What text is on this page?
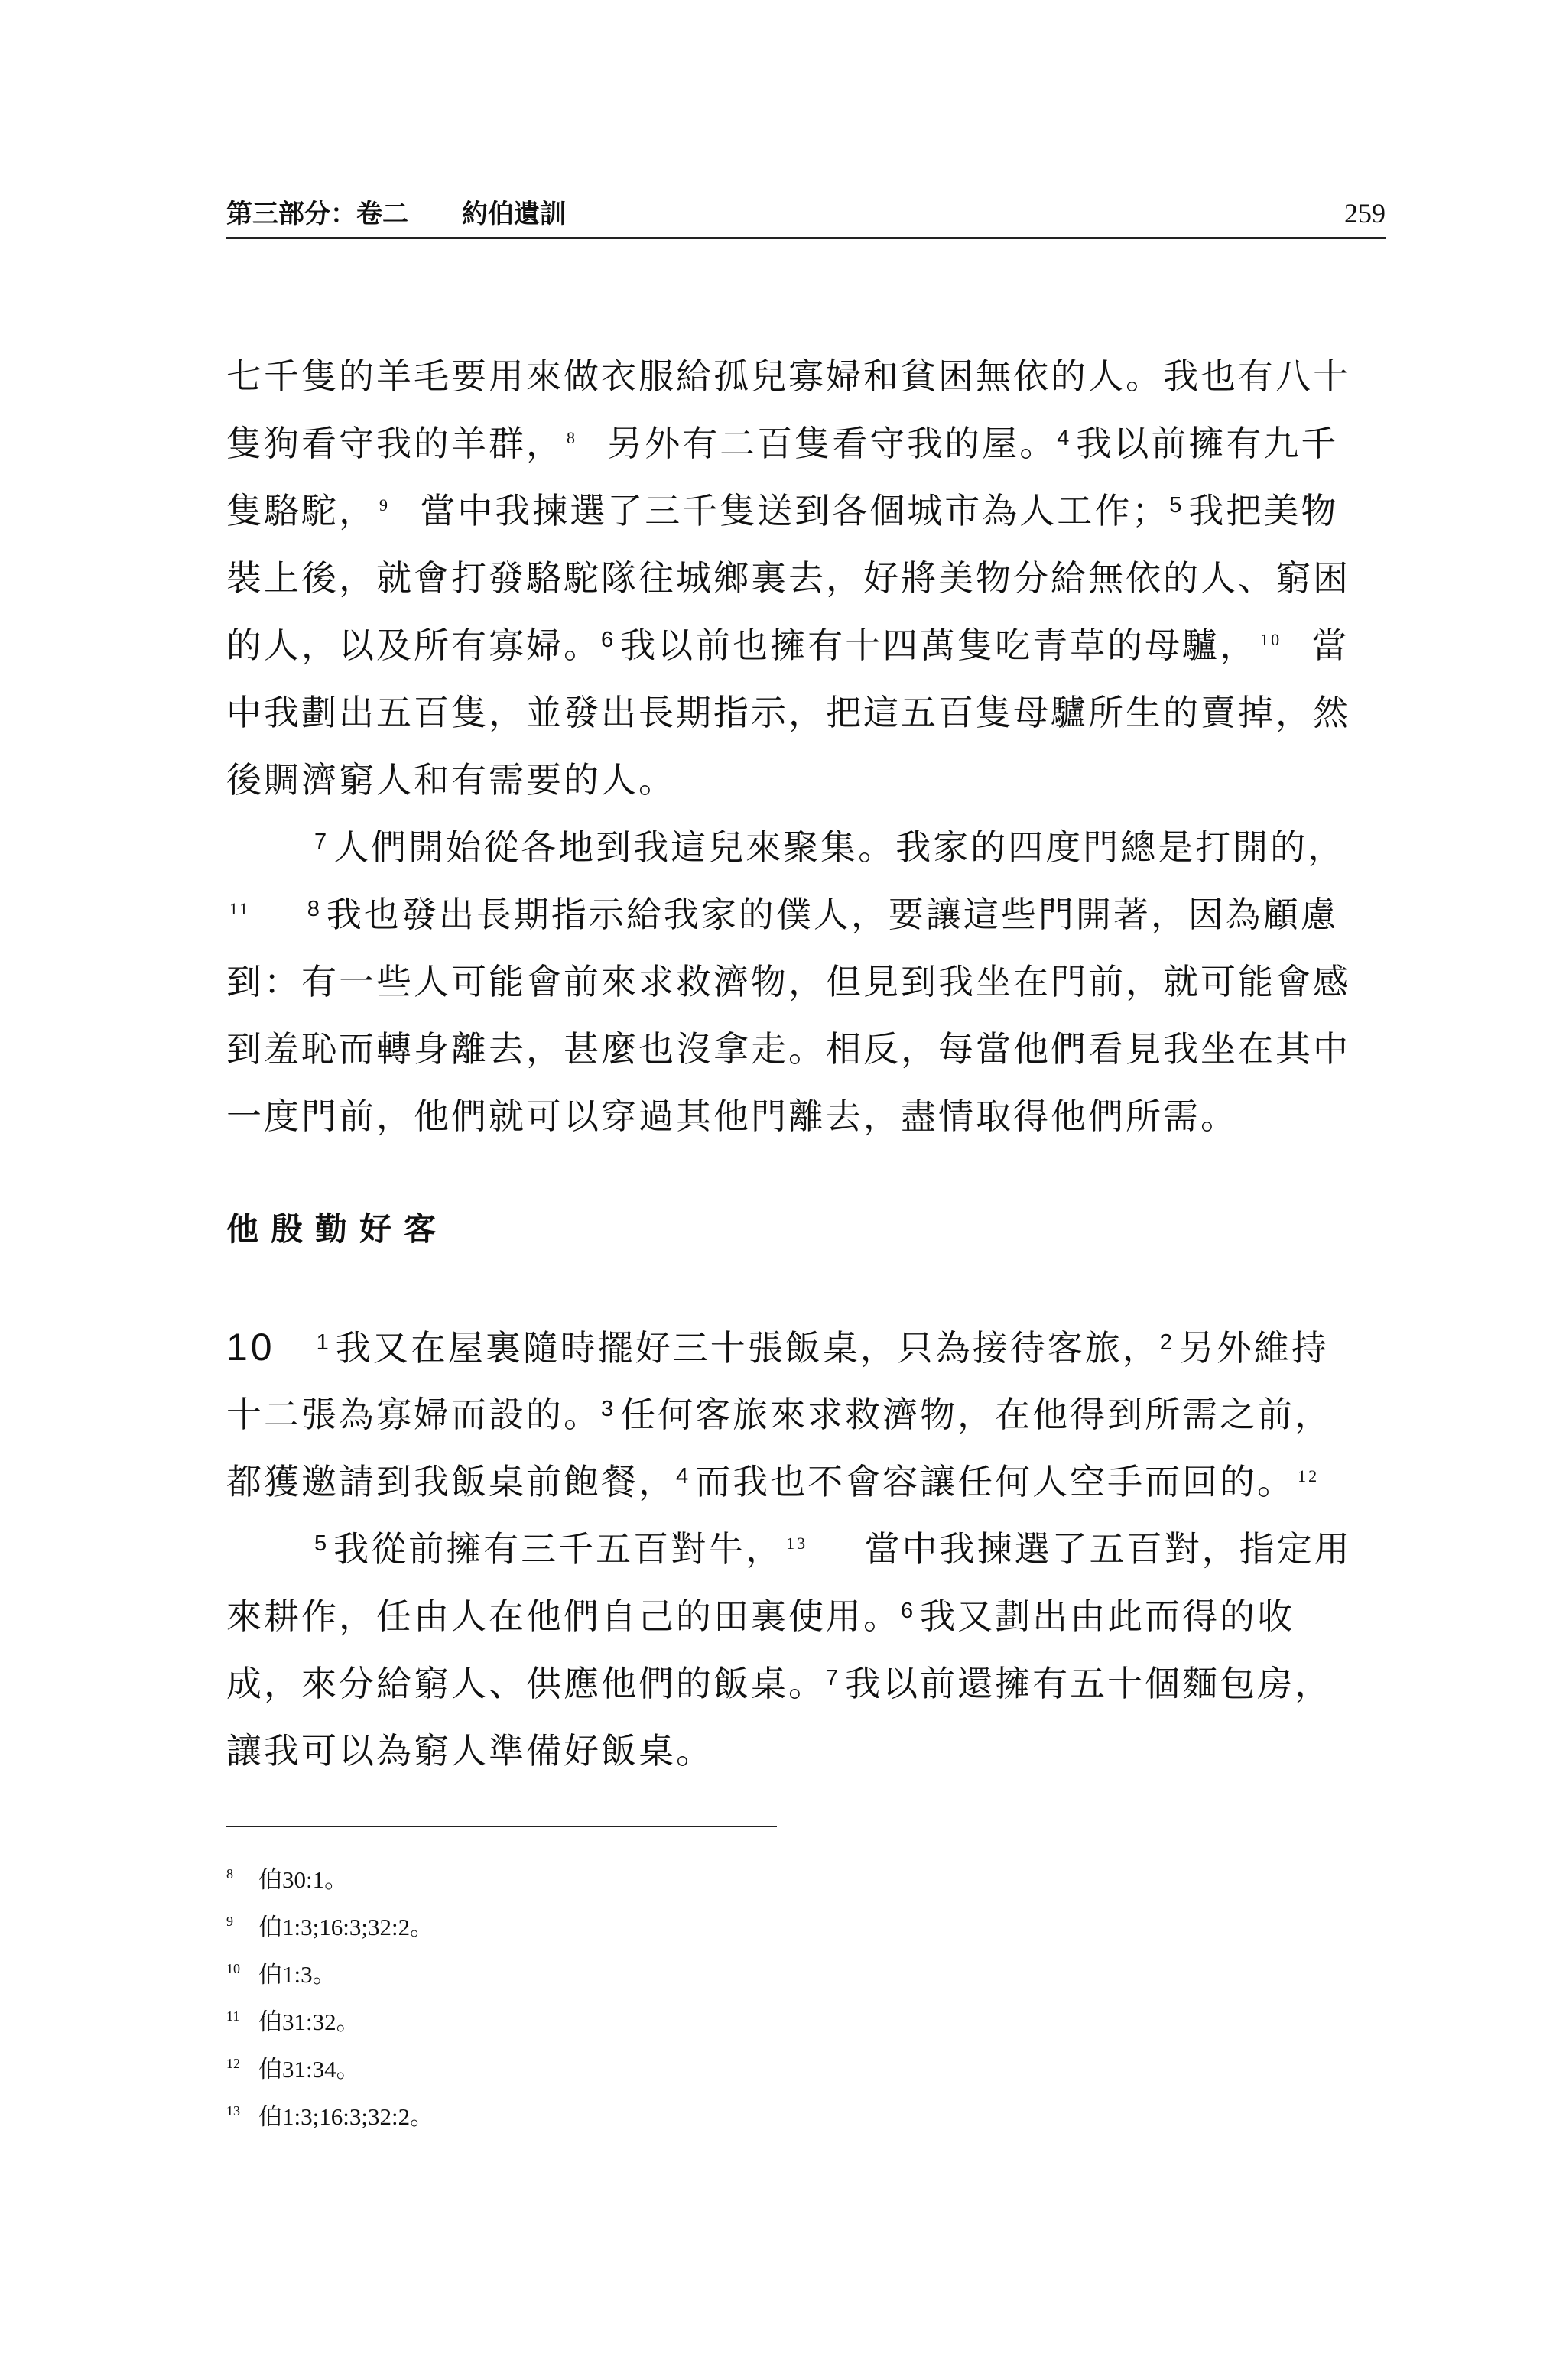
第三部分：卷二 約伯遺訓	259
七千隻的羊毛要用來做衣服給孤兒寡婦和貧困無依的人。我也有八十
隻狗看守我的羊群， $^8$ 另外有二百隻看守我的屋。$^4$ 我以前擁有九千
隻駱駝， $^9$ 當中我揀選了三千隻送到各個城市為人工作；$^5$ 我把美物
裝上後，就會打發駱駝隊往城鄉裏去，好將美物分給無依的人、窮困
的人，以及所有寡婦。$^6$ 我以前也擁有十四萬隻吃青草的母驢， $^{10}$ 當
中我劃出五百隻，並發出長期指示，把這五百隻母驢所生的賣掉，然
後賙濟窮人和有需要的人。
$^7$ 人們開始從各地到我這兒來聚集。我家的四度門總是打開的，
$^{11}$	$^8$ 我也發出長期指示給我家的僕人，要讓這些門開著，因為顧慮
到：有一些人可能會前來求救濟物，但見到我坐在門前，就可能會感
到羞恥而轉身離去，甚麼也沒拿走。相反，每當他們看見我坐在其中
一度門前，他們就可以穿過其他門離去，盡情取得他們所需。
他殷勤好客
10 $^1$ 我又在屋裏隨時擺好三十張飯桌，只為接待客旅，$^2$ 另外維持
十二張為寡婦而設的。$^3$ 任何客旅來求救濟物，在他得到所需之前，
都獲邀請到我飯桌前飽餐，$^4$ 而我也不會容讓任何人空手而回的。 $^{12}$
$^5$ 我從前擁有三千五百對牛， $^{13}$ 當中我揀選了五百對，指定用
來耕作，任由人在他們自己的田裏使用。$^6$ 我又劃出由此而得的收
成，來分給窮人、供應他們的飯桌。$^7$ 我以前還擁有五十個麵包房，
讓我可以為窮人準備好飯桌。
8 伯30:1。
9 伯1:3;16:3;32:2。
10 伯1:3。
11 伯31:32。
12 伯31:34。
13 伯1:3;16:3;32:2。
